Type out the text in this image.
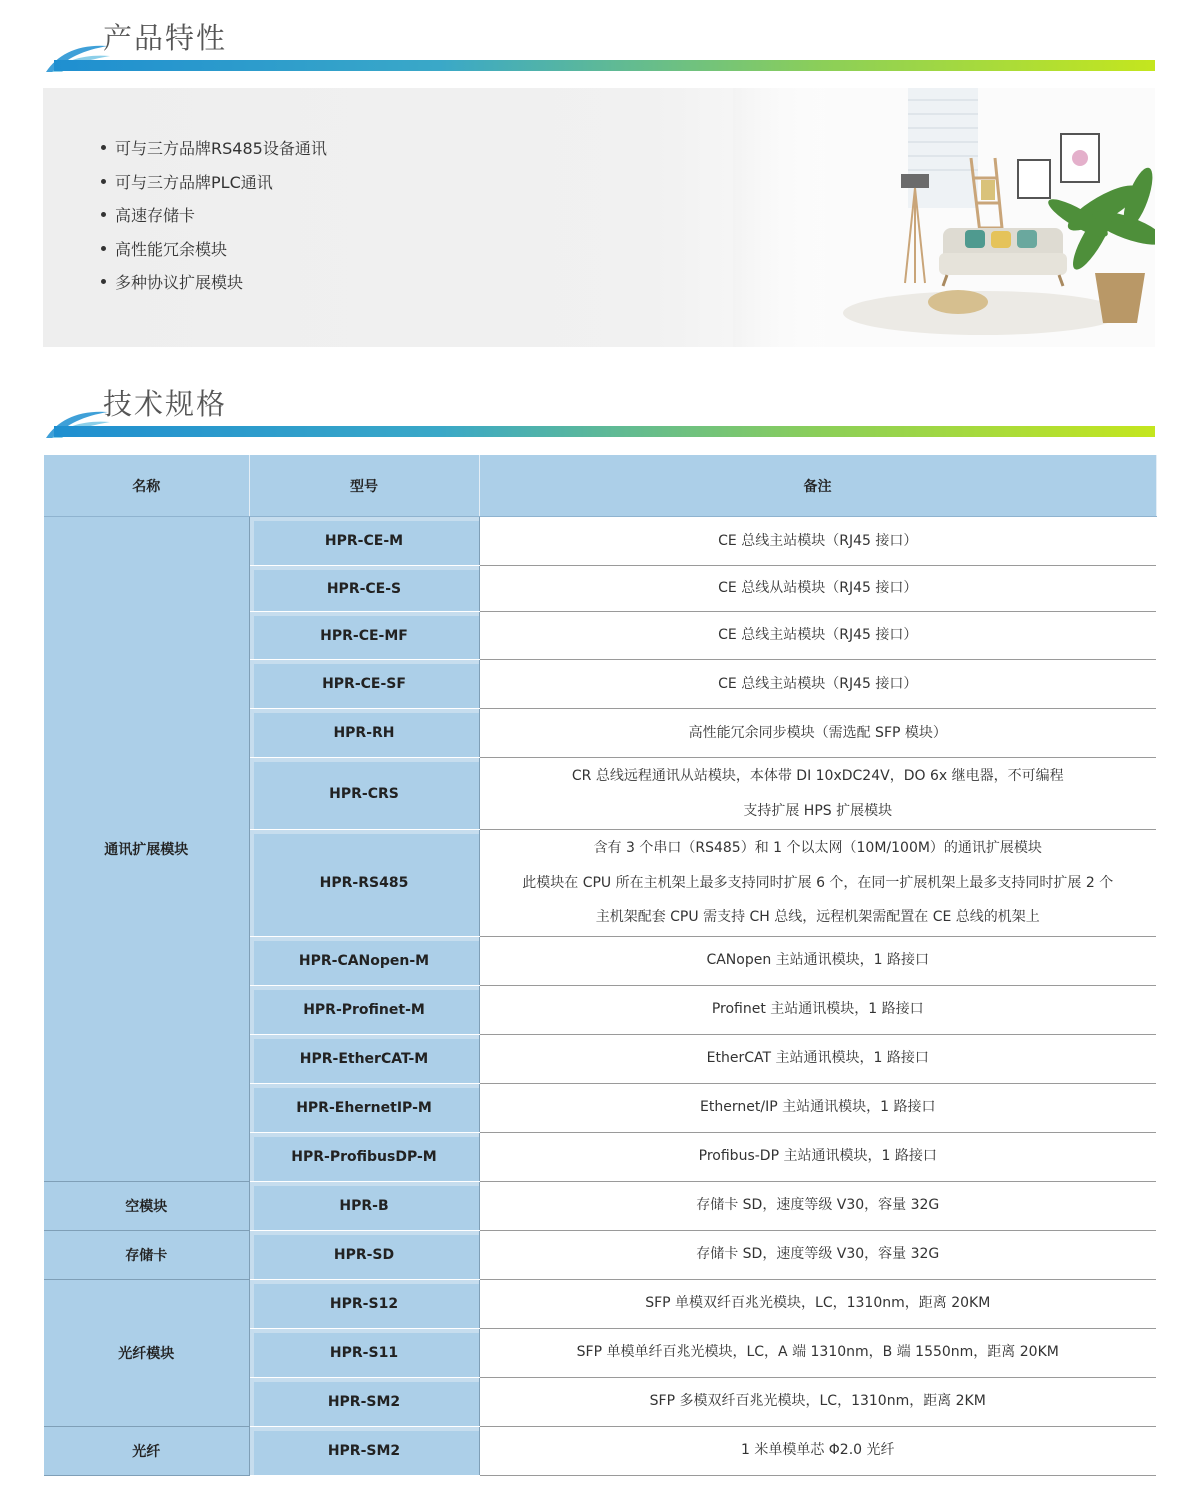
产品特性
可与三方品牌RS485设备通讯
可与三方品牌PLC通讯
高速存储卡
高性能冗余模块
多种协议扩展模块
技术规格
名称	型号	备注
通讯扩展模块	HPR-CE-M	CE 总线主站模块（RJ45 接口）

	HPR-CE-S	CE 总线从站模块（RJ45 接口）

	HPR-CE-MF	CE 总线主站模块（RJ45 接口）

	HPR-CE-SF	CE 总线主站模块（RJ45 接口）

	HPR-RH	高性能冗余同步模块（需选配 SFP 模块）

	HPR-CRS	CR 总线远程通讯从站模块，本体带 DI 10xDC24V，DO 6x 继电器，不可编程
支持扩展 HPS 扩展模块

	HPR-RS485	含有 3 个串口（RS485）和 1 个以太网（10M/100M）的通讯扩展模块
此模块在 CPU 所在主机架上最多支持同时扩展 6 个，在同一扩展机架上最多支持同时扩展 2 个
主机架配套 CPU 需支持 CH 总线，远程机架需配置在 CE 总线的机架上

	HPR-CANopen-M	CANopen 主站通讯模块，1 路接口

	HPR-Profinet-M	Profinet 主站通讯模块，1 路接口

	HPR-EtherCAT-M	EtherCAT 主站通讯模块，1 路接口

	HPR-EhernetIP-M	Ethernet/IP 主站通讯模块，1 路接口

	HPR-ProfibusDP-M	Profibus-DP 主站通讯模块，1 路接口

空模块	HPR-B	存储卡 SD，速度等级 V30，容量 32G

存储卡	HPR-SD	存储卡 SD，速度等级 V30，容量 32G

光纤模块	HPR-S12	SFP 单模双纤百兆光模块，LC，1310nm，距离 20KM

	HPR-S11	SFP 单模单纤百兆光模块，LC，A 端 1310nm，B 端 1550nm，距离 20KM

	HPR-SM2	SFP 多模双纤百兆光模块，LC，1310nm，距离 2KM

光纤	HPR-SM2	1 米单模单芯 Φ2.0 光纤
